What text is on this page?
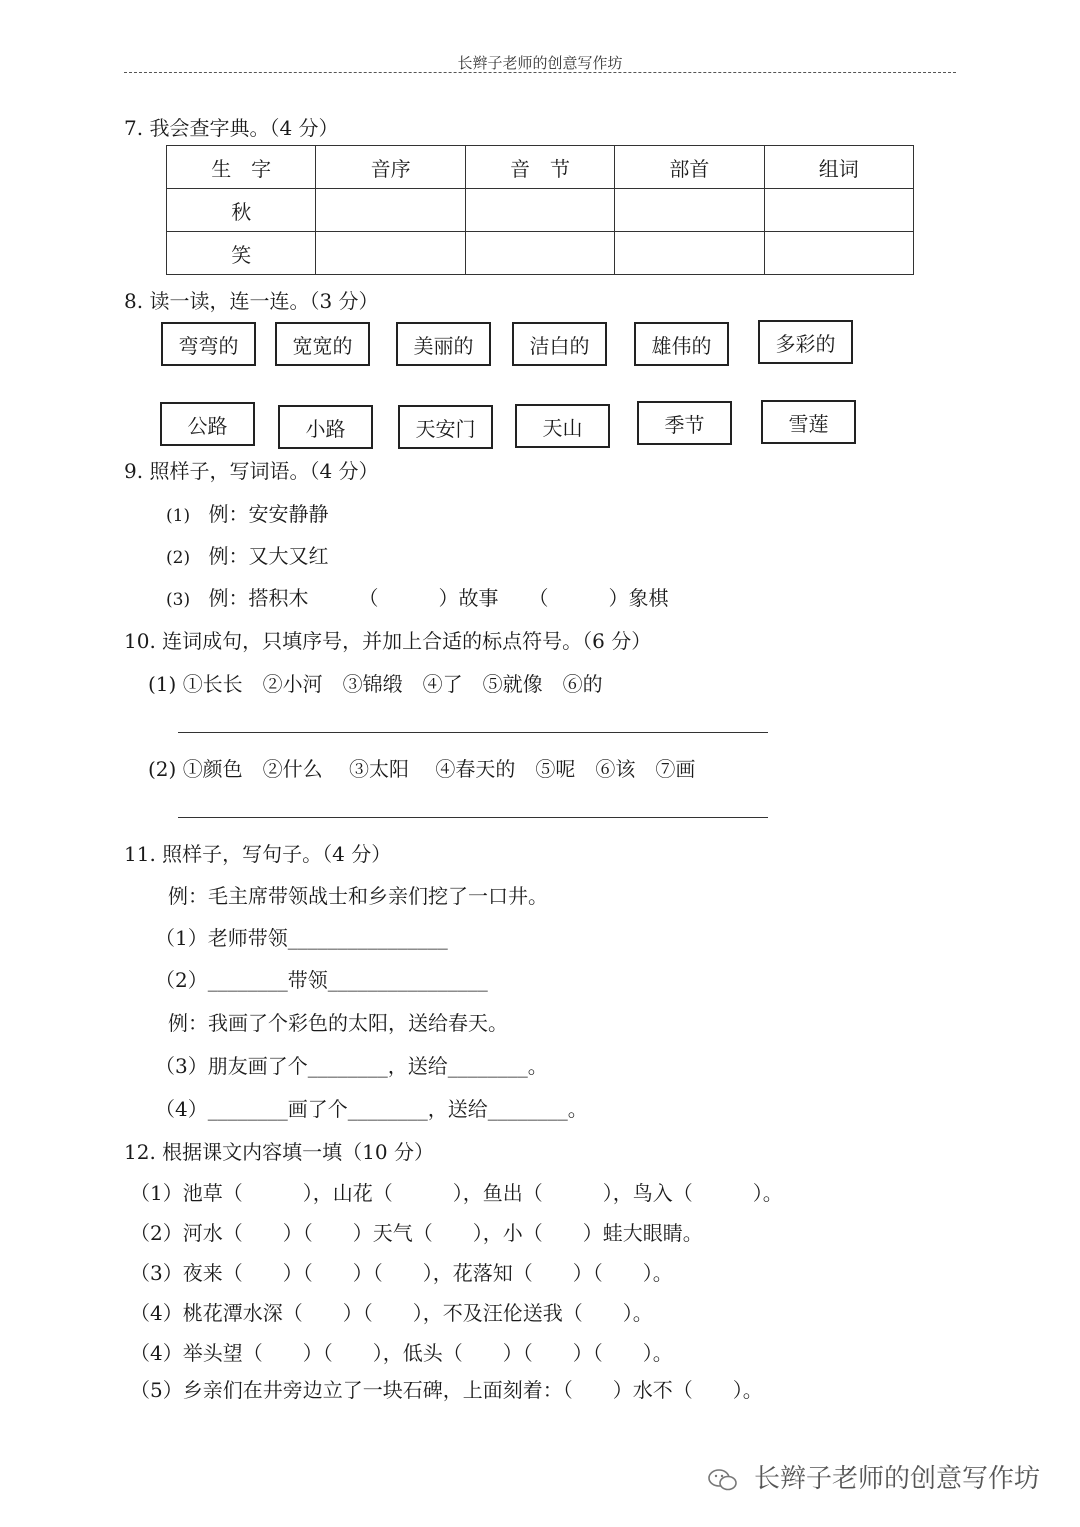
长辫子老师的创意写作坊
7. 我会查字典。（4 分）
生　字	音序	音　节	部首	组词
秋				
笑				
8. 读一读，连一连。（3 分）
弯弯的	宽宽的	美丽的	洁白的	雄伟的	多彩的
公路	小路	天安门	天山	季节	雪莲
9. 照样子，写词语。（4 分）
(1) 例：安安静静
(2) 例：又大又红
(3) 例：搭积木　　　（　　　）故事　　（　　　）象棋
10. 连词成句，只填序号，并加上合适的标点符号。（6 分）
(1) ①长长　②小河　③锦缎　④了　⑤就像　⑥的
(2) ①颜色　②什么　 ③太阳　 ④春天的　⑤呢　⑥该　⑦画
11. 照样子，写句子。（4 分）
例：毛主席带领战士和乡亲们挖了一口井。
（1）老师带领________________
（2）________带领________________
例：我画了个彩色的太阳，送给春天。
（3）朋友画了个________，送给________。
（4）________画了个________，送给________。
12. 根据课文内容填一填（10 分）
（1）池草（　　　），山花（　　　），鱼出（　　　），鸟入（　　　）。
（2）河水（　　）（　　）天气（　　），小（　　）蛙大眼睛。
（3）夜来（　　）（　　）（　　），花落知（　　）（　　）。
（4）桃花潭水深（　　）（　　），不及汪伦送我（　　）。
（4）举头望（　　）（　　），低头（　　）（　　）（　　）。
（5）乡亲们在井旁边立了一块石碑，上面刻着：（　　）水不（　　）。
长辫子老师的创意写作坊
